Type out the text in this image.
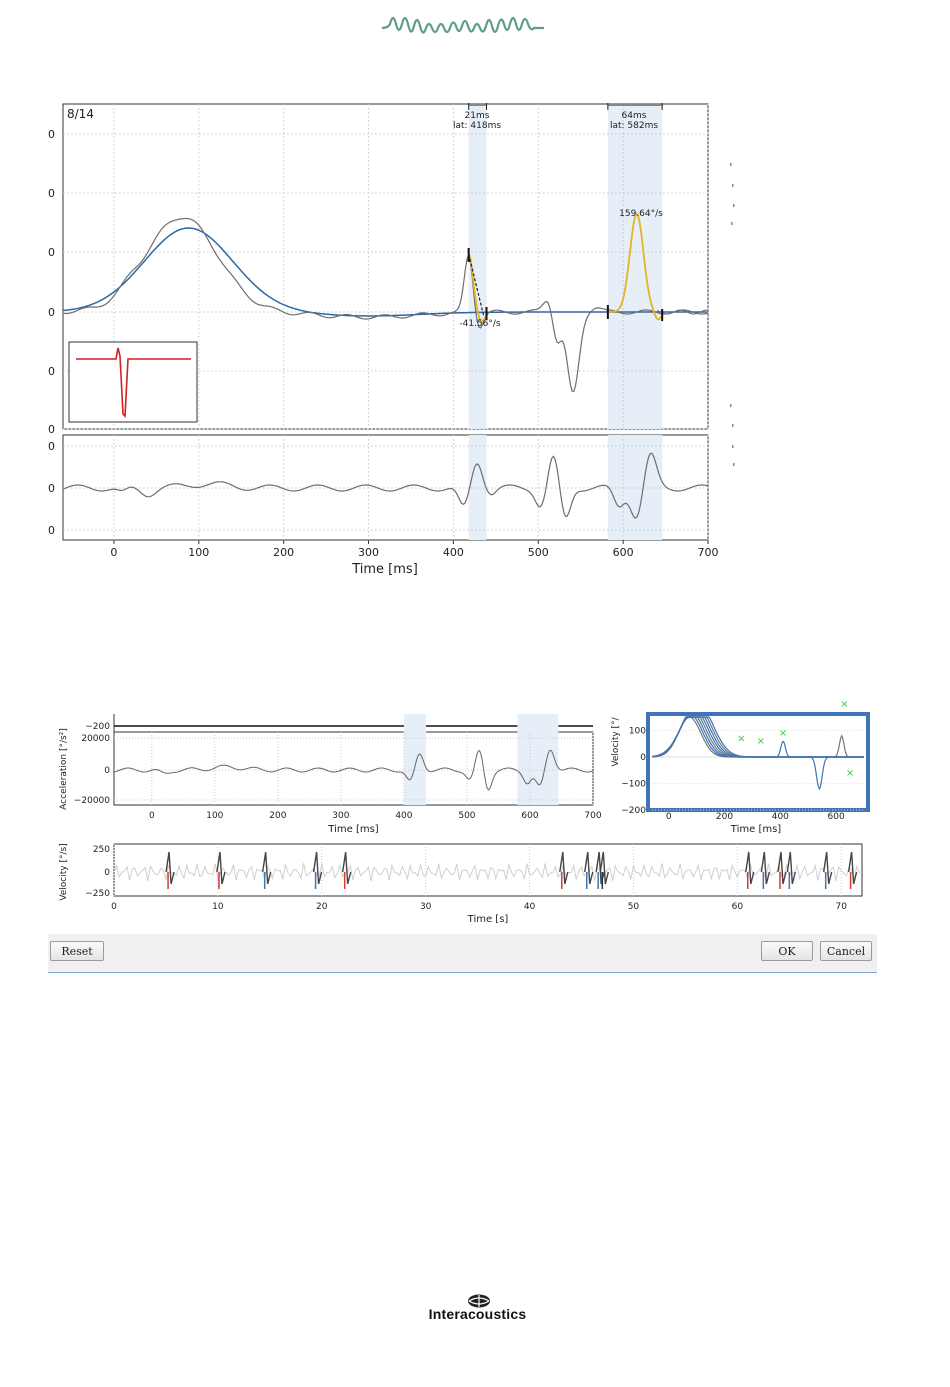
0
0
0
0
0
0
0
0
0
0	100	200	300	400	500	600	700
8/14
Time [ms]
21ms
lat: 418ms
64ms
lat: 582ms
-41.56°/s
159.64°/s
−200
20000
0
−20000
0	100	200	300	400	500	600	700
Time [ms]
Acceleration [°/s²]	100
0
−100
−200
0	200	400	600
Time [ms]
Velocity [°/	× ×
×
×
×
250
0
−250
0	10	20	30	40	50	60	70
Time [s]
Velocity [°/s]
Reset	OK	Cancel
Interacoustics
